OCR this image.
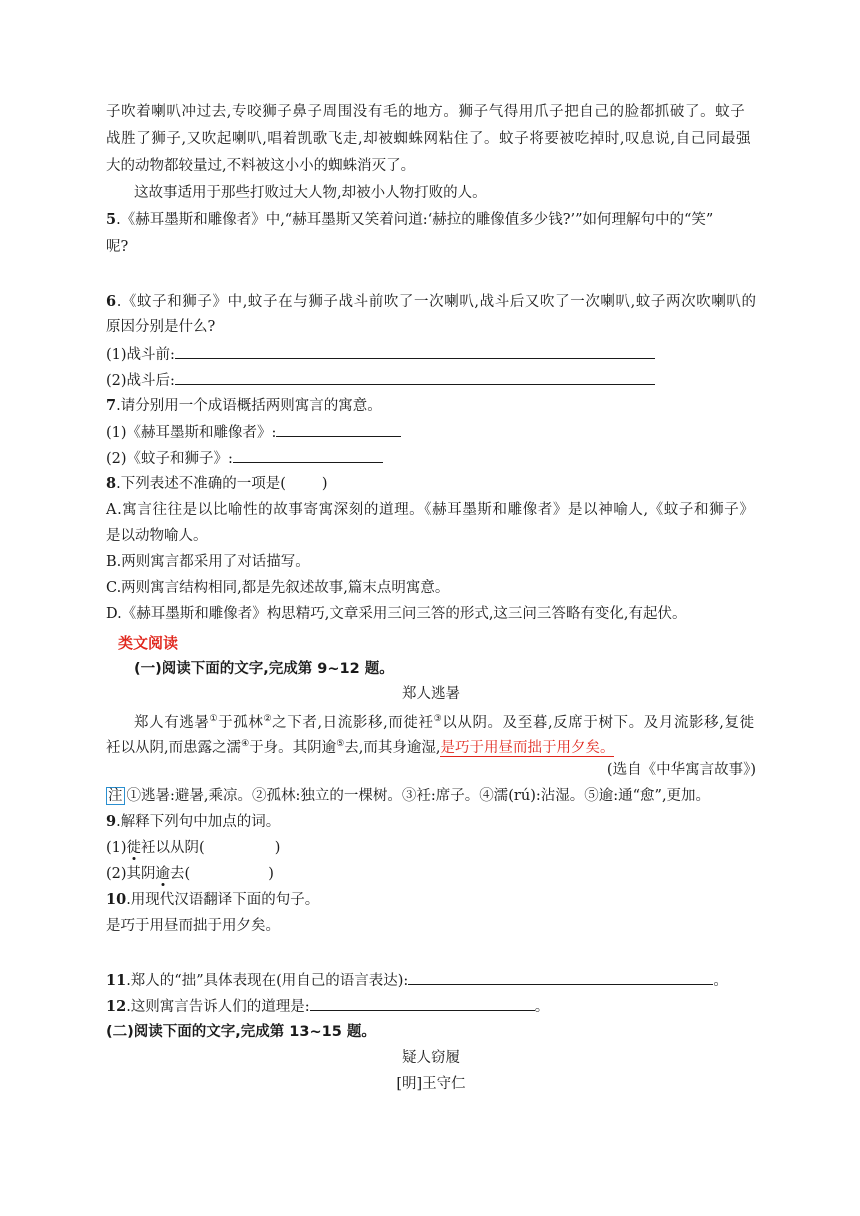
子吹着喇叭冲过去,专咬狮子鼻子周围没有毛的地方。狮子气得用爪子把自己的脸都抓破了。蚊子
战胜了狮子,又吹起喇叭,唱着凯歌飞走,却被蜘蛛网粘住了。蚊子将要被吃掉时,叹息说,自己同最强
大的动物都较量过,不料被这小小的蜘蛛消灭了。
这故事适用于那些打败过大人物,却被小人物打败的人。
5.《赫耳墨斯和雕像者》中,“赫耳墨斯又笑着问道:‘赫拉的雕像值多少钱?’”如何理解句中的“笑”
呢?
6.《蚊子和狮子》中,蚊子在与狮子战斗前吹了一次喇叭,战斗后又吹了一次喇叭,蚊子两次吹喇叭的
原因分别是什么?
(1)战斗前:
(2)战斗后:
7.请分别用一个成语概括两则寓言的寓意。
(1)《赫耳墨斯和雕像者》:
(2)《蚊子和狮子》:
8.下列表述不准确的一项是( )
A.寓言往往是以比喻性的故事寄寓深刻的道理。《赫耳墨斯和雕像者》是以神喻人,《蚊子和狮子》
是以动物喻人。
B.两则寓言都采用了对话描写。
C.两则寓言结构相同,都是先叙述故事,篇末点明寓意。
D.《赫耳墨斯和雕像者》构思精巧,文章采用三问三答的形式,这三问三答略有变化,有起伏。
类文阅读
(一)阅读下面的文字,完成第 9~12 题。
郑人逃暑
郑人有逃暑①于孤林②之下者,日流影移,而徙衽③以从阴。及至暮,反席于树下。及月流影移,复徙
衽以从阴,而患露之濡④于身。其阴逾⑤去,而其身逾湿,是巧于用昼而拙于用夕矣。
(选自《中华寓言故事》)
注 ①逃暑:避暑,乘凉。②孤林:独立的一棵树。③衽:席子。④濡(rú):沾湿。⑤逾:通“愈”,更加。
9.解释下列句中加点的词。
(1)徙衽以从阴(	)
(2)其阴逾去(	)
10.用现代汉语翻译下面的句子。
是巧于用昼而拙于用夕矣。
11.郑人的“拙”具体表现在(用自己的语言表达):	。
12.这则寓言告诉人们的道理是:	。
(二)阅读下面的文字,完成第 13~15 题。
疑人窃履
[明]王守仁
